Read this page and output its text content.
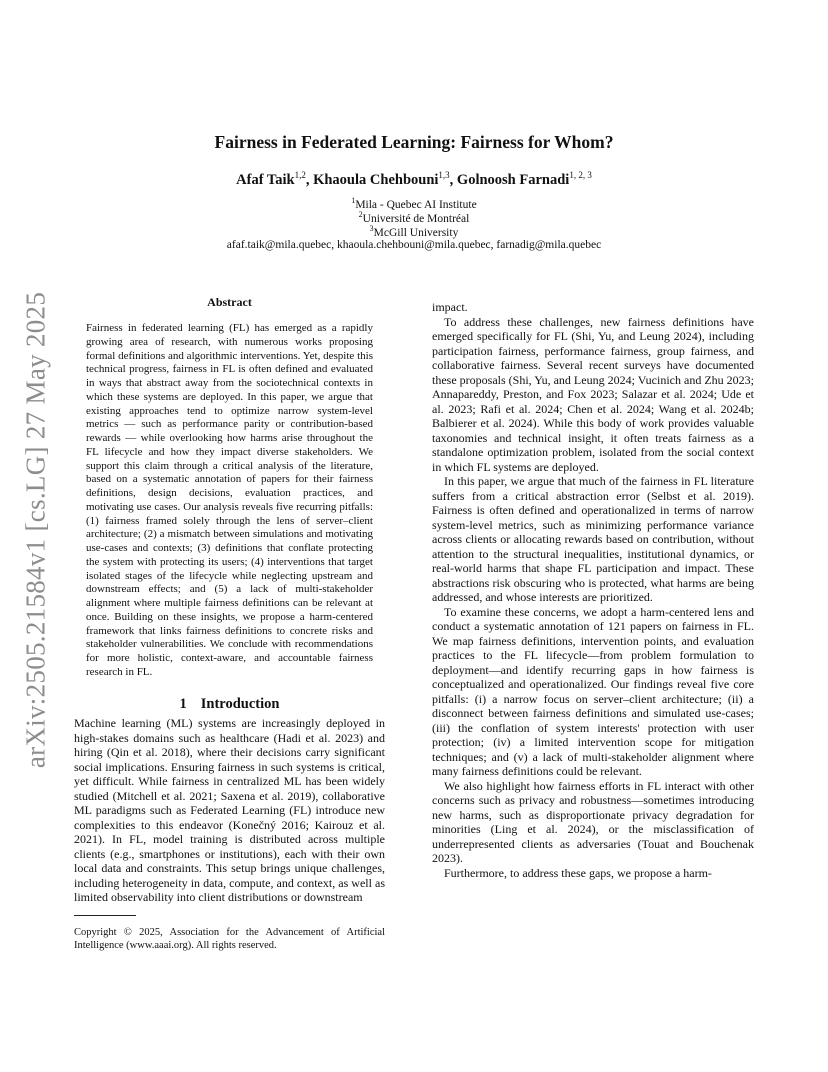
arXiv:2505.21584v1 [cs.LG] 27 May 2025
Fairness in Federated Learning: Fairness for Whom?
Afaf Taik$^{1,2}$, Khaoula Chehbouni$^{1,3}$, Golnoosh Farnadi$^{1, 2, 3}$
$^1$Mila - Quebec AI Institute
$^2$Université de Montréal
$^3$McGill University
afaf.taik@mila.quebec, khaoula.chehbouni@mila.quebec, farnadig@mila.quebec
Abstract

Fairness in federated learning (FL) has emerged as a rapidly growing area of research, with numerous works proposing formal definitions and algorithmic interventions. Yet, despite this technical progress, fairness in FL is often defined and evaluated in ways that abstract away from the sociotechnical contexts in which these systems are deployed. In this paper, we argue that existing approaches tend to optimize narrow system-level metrics — such as performance parity or contribution-based rewards — while overlooking how harms arise throughout the FL lifecycle and how they impact diverse stakeholders. We support this claim through a critical analysis of the literature, based on a systematic annotation of papers for their fairness definitions, design decisions, evaluation practices, and motivating use cases. Our analysis reveals five recurring pitfalls: (1) fairness framed solely through the lens of server–client architecture; (2) a mismatch between simulations and motivating use-cases and contexts; (3) definitions that conflate protecting the system with protecting its users; (4) interventions that target isolated stages of the lifecycle while neglecting upstream and downstream effects; and (5) a lack of multi-stakeholder alignment where multiple fairness definitions can be relevant at once. Building on these insights, we propose a harm-centered framework that links fairness definitions to concrete risks and stakeholder vulnerabilities. We conclude with recommendations for more holistic, context-aware, and accountable fairness research in FL.

1 Introduction

Machine learning (ML) systems are increasingly deployed in high-stakes domains such as healthcare (Hadi et al. 2023) and hiring (Qin et al. 2018), where their decisions carry significant social implications. Ensuring fairness in such systems is critical, yet difficult. While fairness in centralized ML has been widely studied (Mitchell et al. 2021; Saxena et al. 2019), collaborative ML paradigms such as Federated Learning (FL) introduce new complexities to this endeavor (Konečný 2016; Kairouz et al. 2021). In FL, model training is distributed across multiple clients (e.g., smartphones or institutions), each with their own local data and constraints. This setup brings unique challenges, including heterogeneity in data, compute, and context, as well as limited observability into client distributions or downstream

impact.

To address these challenges, new fairness definitions have emerged specifically for FL (Shi, Yu, and Leung 2024), including participation fairness, performance fairness, group fairness, and collaborative fairness. Several recent surveys have documented these proposals (Shi, Yu, and Leung 2024; Vucinich and Zhu 2023; Annapareddy, Preston, and Fox 2023; Salazar et al. 2024; Ude et al. 2023; Rafi et al. 2024; Chen et al. 2024; Wang et al. 2024b; Balbierer et al. 2024). While this body of work provides valuable taxonomies and technical insight, it often treats fairness as a standalone optimization problem, isolated from the social context in which FL systems are deployed.

In this paper, we argue that much of the fairness in FL literature suffers from a critical abstraction error (Selbst et al. 2019). Fairness is often defined and operationalized in terms of narrow system-level metrics, such as minimizing performance variance across clients or allocating rewards based on contribution, without attention to the structural inequalities, institutional dynamics, or real-world harms that shape FL participation and impact. These abstractions risk obscuring who is protected, what harms are being addressed, and whose interests are prioritized.

To examine these concerns, we adopt a harm-centered lens and conduct a systematic annotation of 121 papers on fairness in FL. We map fairness definitions, intervention points, and evaluation practices to the FL lifecycle—from problem formulation to deployment—and identify recurring gaps in how fairness is conceptualized and operationalized. Our findings reveal five core pitfalls: (i) a narrow focus on server–client architecture; (ii) a disconnect between fairness definitions and simulated use-cases; (iii) the conflation of system interests' protection with user protection; (iv) a limited intervention scope for mitigation techniques; and (v) a lack of multi-stakeholder alignment where many fairness definitions could be relevant.

We also highlight how fairness efforts in FL interact with other concerns such as privacy and robustness—sometimes introducing new harms, such as disproportionate privacy degradation for minorities (Ling et al. 2024), or the misclassification of underrepresented clients as adversaries (Touat and Bouchenak 2023).

Furthermore, to address these gaps, we propose a harm-

Copyright © 2025, Association for the Advancement of Artificial Intelligence (www.aaai.org). All rights reserved.
